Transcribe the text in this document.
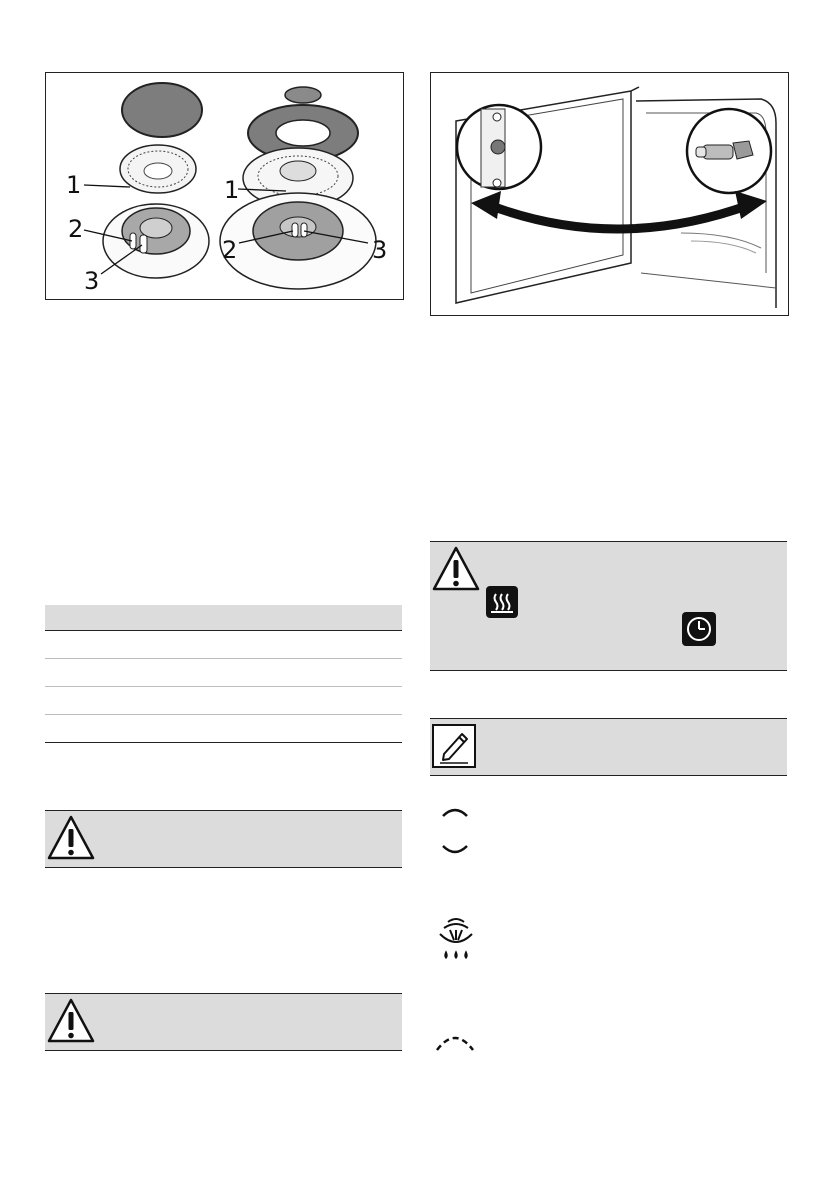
1
2
3
1
2	3
